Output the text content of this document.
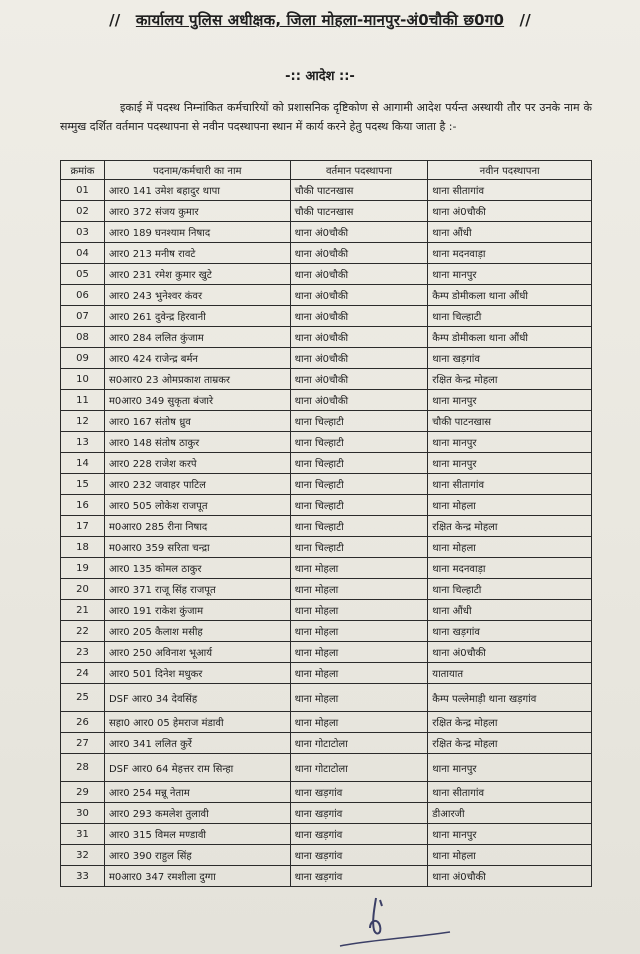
// कार्यालय पुलिस अधीक्षक, जिला मोहला-मानपुर-अं0चौकी छ0ग0 //
-:: आदेश ::-
इकाई में पदस्थ निम्नांकित कर्मचारियों को प्रशासनिक दृष्टिकोण से आगामी आदेश पर्यन्त अस्थायी तौर पर उनके नाम के सम्मुख दर्शित वर्तमान पदस्थापना से नवीन पदस्थापना स्थान में कार्य करने हेतु पदस्थ किया जाता है :-
क्रमांक	पदनाम/कर्मचारी का नाम	वर्तमान पदस्थापना	नवीन पदस्थापना
01	आर0 141 उमेश बहादुर थापा	चौकी पाटनखास	थाना सीतागांव
02	आर0 372 संजय कुमार	चौकी पाटनखास	थाना अं0चौकी
03	आर0 189 घनश्याम निषाद	थाना अं0चौकी	थाना औंधी
04	आर0 213 मनीष रावटे	थाना अं0चौकी	थाना मदनवाड़ा
05	आर0 231 रमेश कुमार खुटे	थाना अं0चौकी	थाना मानपुर
06	आर0 243 भुनेश्वर कंवर	थाना अं0चौकी	कैम्प डोमीकला थाना औंधी
07	आर0 261 दुवेन्द्र हिरवानी	थाना अं0चौकी	थाना चिल्हाटी
08	आर0 284 ललित कुंजाम	थाना अं0चौकी	कैम्प डोमीकला थाना औंधी
09	आर0 424 राजेन्द्र बर्मन	थाना अं0चौकी	थाना खड़गांव
10	स0आर0 23 ओमप्रकाश ताम्रकर	थाना अं0चौकी	रक्षित केन्द्र मोहला
11	म0आर0 349 सुकृता बंजारे	थाना अं0चौकी	थाना मानपुर
12	आर0 167 संतोष ध्रुव	थाना चिल्हाटी	चौकी पाटनखास
13	आर0 148 संतोष ठाकुर	थाना चिल्हाटी	थाना मानपुर
14	आर0 228 राजेश करपे	थाना चिल्हाटी	थाना मानपुर
15	आर0 232 जवाहर पाटिल	थाना चिल्हाटी	थाना सीतागांव
16	आर0 505 लोकेश राजपूत	थाना चिल्हाटी	थाना मोहला
17	म0आर0 285 रीना निषाद	थाना चिल्हाटी	रक्षित केन्द्र मोहला
18	म0आर0 359 सरिता चन्द्रा	थाना चिल्हाटी	थाना मोहला
19	आर0 135 कोमल ठाकुर	थाना मोहला	थाना मदनवाड़ा
20	आर0 371 राजू सिंह राजपूत	थाना मोहला	थाना चिल्हाटी
21	आर0 191 राकेश कुंजाम	थाना मोहला	थाना औंधी
22	आर0 205 कैलाश मसीह	थाना मोहला	थाना खड़गांव
23	आर0 250 अविनाश भूआर्य	थाना मोहला	थाना अं0चौकी
24	आर0 501 दिनेश मधुकर	थाना मोहला	यातायात
25	DSF आर0 34 देवसिंह	थाना मोहला	कैम्प पल्लेमाड़ी थाना खड़गांव
26	सहा0 आर0 05 हेमराज मंडावी	थाना मोहला	रक्षित केन्द्र मोहला
27	आर0 341 ललित कुर्रे	थाना गोटाटोला	रक्षित केन्द्र मोहला
28	DSF आर0 64 मेहत्तर राम सिन्हा	थाना गोटाटोला	थाना मानपुर
29	आर0 254 मन्नू नेताम	थाना खड़गांव	थाना सीतागांव
30	आर0 293 कमलेश तुलावी	थाना खड़गांव	डीआरजी
31	आर0 315 विमल मण्डावी	थाना खड़गांव	थाना मानपुर
32	आर0 390 राहुल सिंह	थाना खड़गांव	थाना मोहला
33	म0आर0 347 रमशीला दुग्गा	थाना खड़गांव	थाना अं0चौकी
